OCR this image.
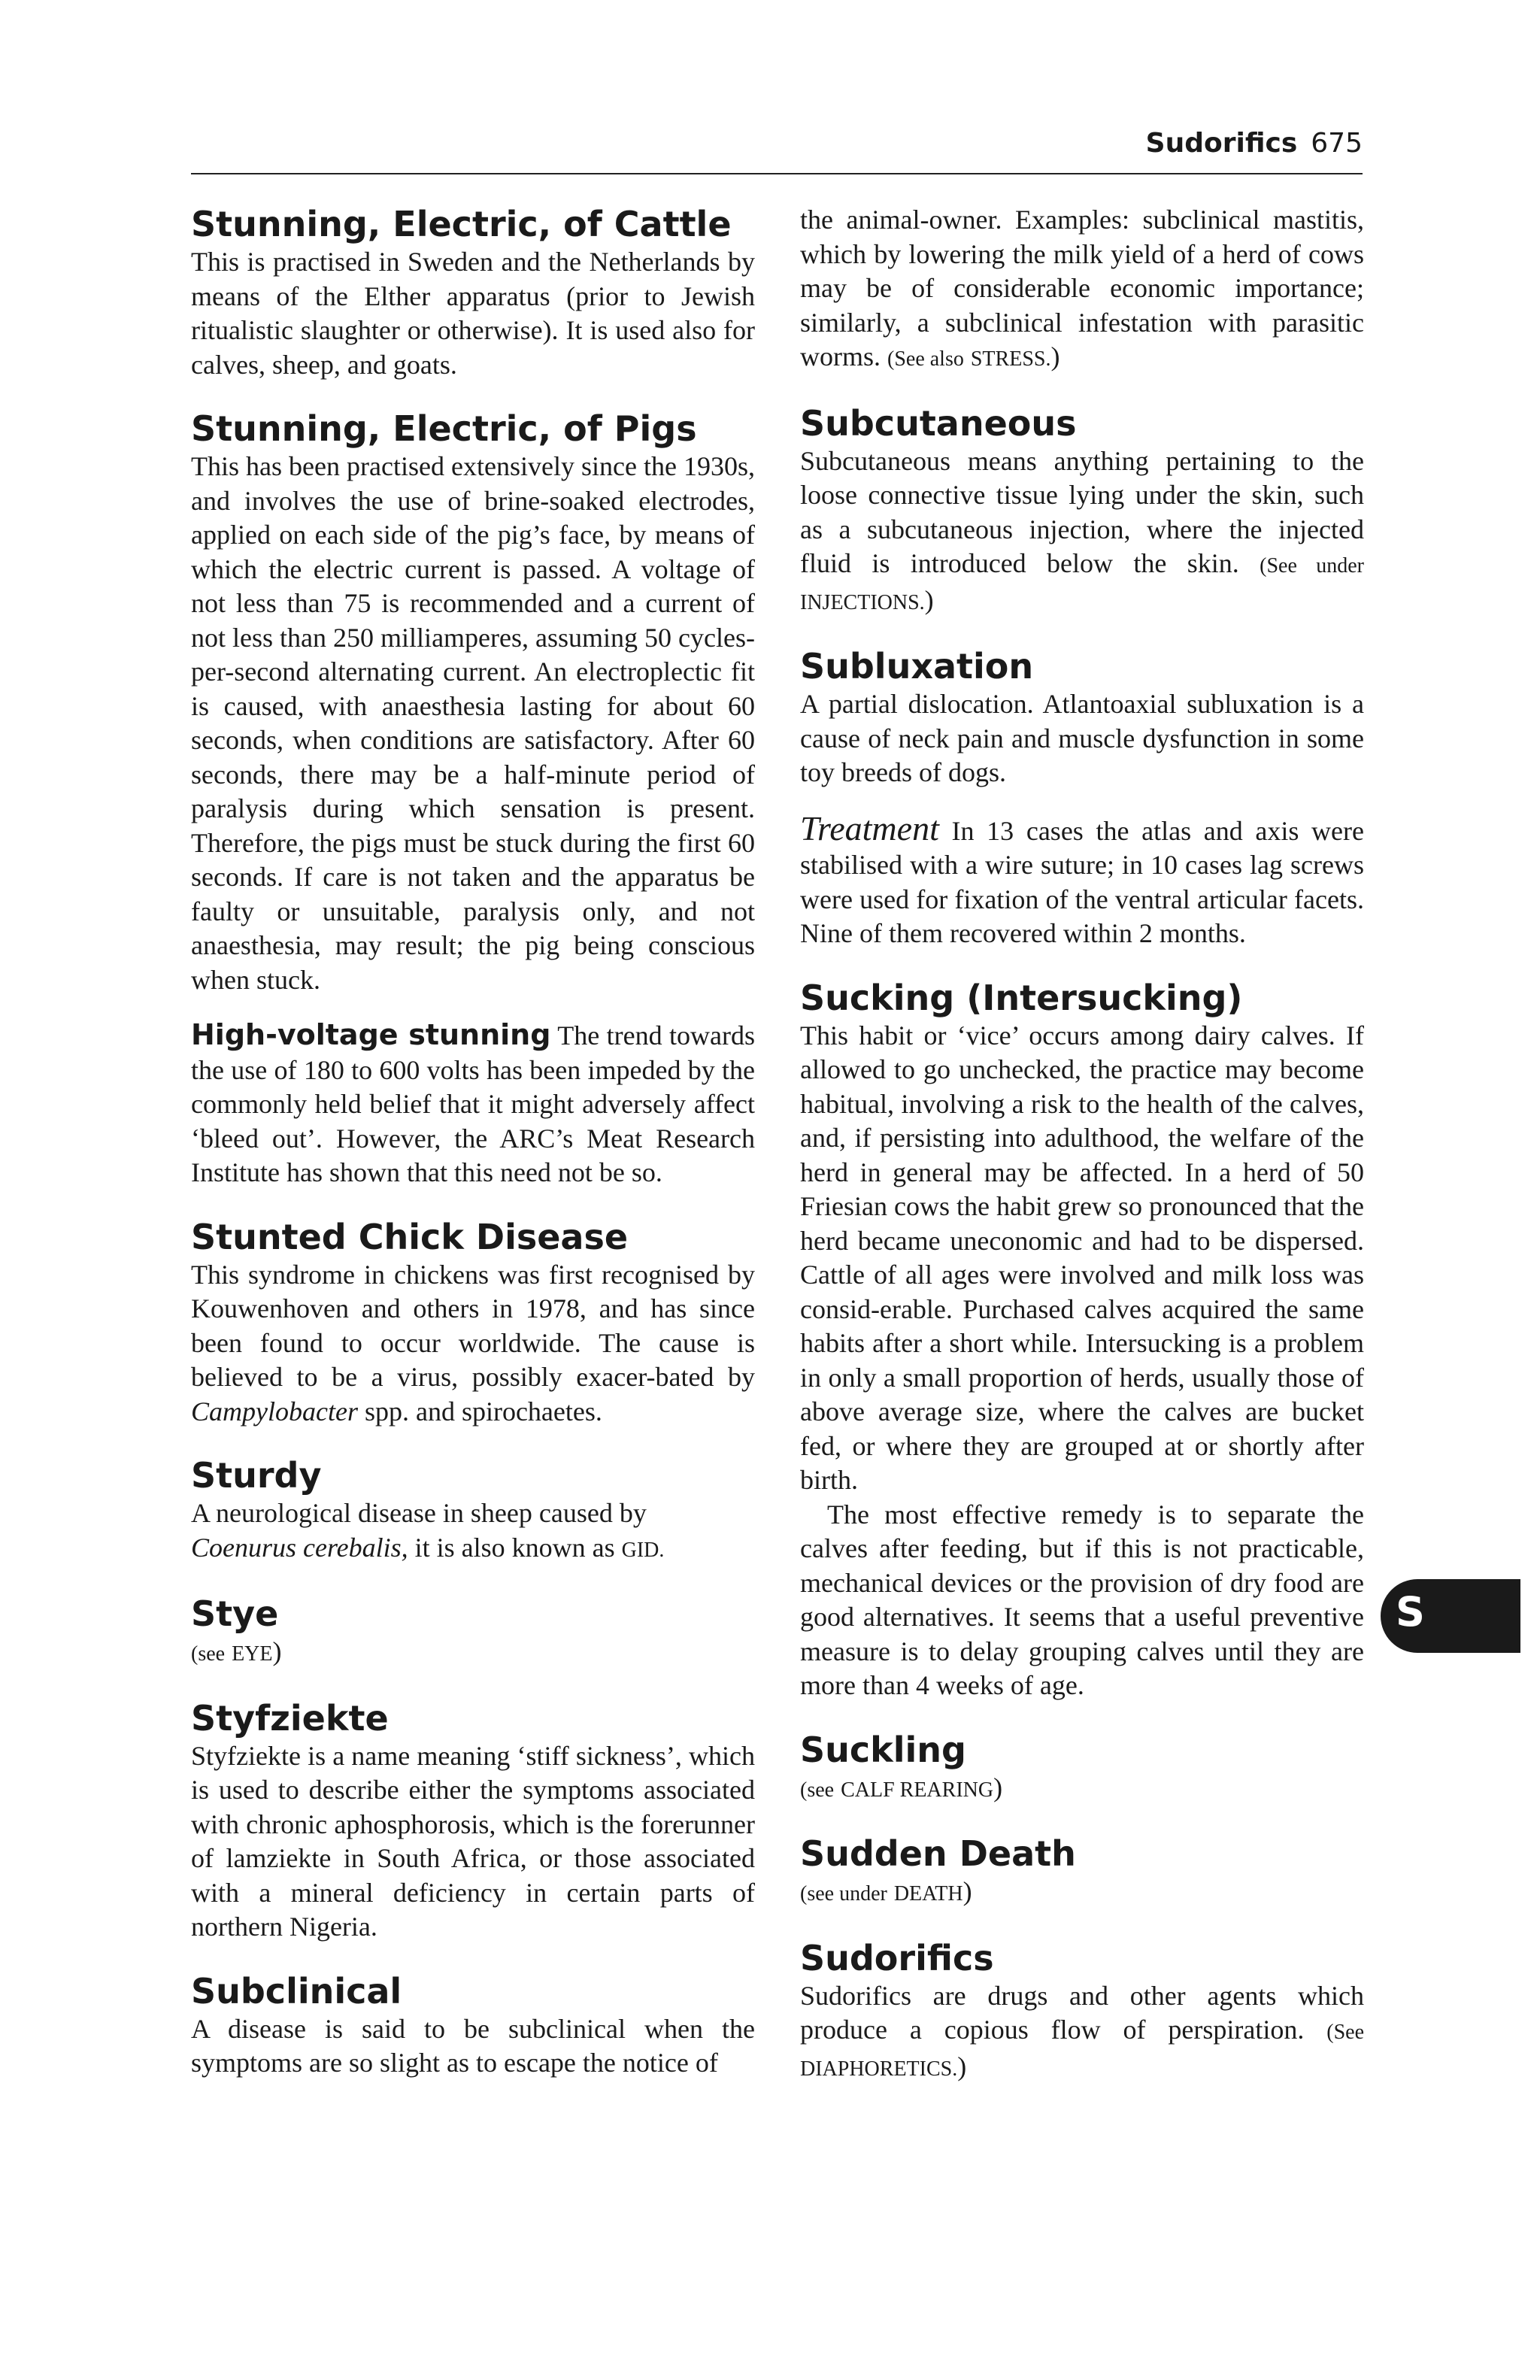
Sudorifics 675
Stunning, Electric, of Cattle

This is practised in Sweden and the Netherlands by means of the Elther apparatus (prior to Jewish ritualistic slaughter or otherwise). It is used also for calves, sheep, and goats.

Stunning, Electric, of Pigs

This has been practised extensively since the 1930s, and involves the use of brine-soaked electrodes, applied on each side of the pig’s face, by means of which the electric current is passed. A voltage of not less than 75 is recommended and a current of not less than 250 milliamperes, assuming 50 cycles-per-second alternating current. An electroplectic fit is caused, with anaesthesia lasting for about 60 seconds, when conditions are satisfactory. After 60 seconds, there may be a half-minute period of paralysis during which sensation is present. Therefore, the pigs must be stuck during the first 60 seconds. If care is not taken and the apparatus be faulty or unsuitable, paralysis only, and not anaesthesia, may result; the pig being conscious when stuck.

High-voltage stunning The trend towards the use of 180 to 600 volts has been impeded by the commonly held belief that it might adversely affect ‘bleed out’. However, the ARC’s Meat Research Institute has shown that this need not be so.

Stunted Chick Disease

This syndrome in chickens was first recognised by Kouwenhoven and others in 1978, and has since been found to occur worldwide. The cause is believed to be a virus, possibly exacer-bated by Campylobacter spp. and spirochaetes.

Sturdy

A neurological disease in sheep caused by Coenurus cerebalis, it is also known as GID.

Stye

(see EYE)

Styfziekte

Styfziekte is a name meaning ‘stiff sickness’, which is used to describe either the symptoms associated with chronic aphosphorosis, which is the forerunner of lamziekte in South Africa, or those associated with a mineral deficiency in certain parts of northern Nigeria.

Subclinical

A disease is said to be subclinical when the symptoms are so slight as to escape the notice of

the animal-owner. Examples: subclinical mastitis, which by lowering the milk yield of a herd of cows may be of considerable economic importance; similarly, a subclinical infestation with parasitic worms. (See also STRESS.)

Subcutaneous

Subcutaneous means anything pertaining to the loose connective tissue lying under the skin, such as a subcutaneous injection, where the injected fluid is introduced below the skin. (See under INJECTIONS.)

Subluxation

A partial dislocation. Atlantoaxial subluxation is a cause of neck pain and muscle dysfunction in some toy breeds of dogs.

Treatment In 13 cases the atlas and axis were stabilised with a wire suture; in 10 cases lag screws were used for fixation of the ventral articular facets. Nine of them recovered within 2 months.

Sucking (Intersucking)

This habit or ‘vice’ occurs among dairy calves. If allowed to go unchecked, the practice may become habitual, involving a risk to the health of the calves, and, if persisting into adulthood, the welfare of the herd in general may be affected. In a herd of 50 Friesian cows the habit grew so pronounced that the herd became uneconomic and had to be dispersed. Cattle of all ages were involved and milk loss was consid-erable. Purchased calves acquired the same habits after a short while. Intersucking is a problem in only a small proportion of herds, usually those of above average size, where the calves are bucket fed, or where they are grouped at or shortly after birth.

The most effective remedy is to separate the calves after feeding, but if this is not practicable, mechanical devices or the provision of dry food are good alternatives. It seems that a useful preventive measure is to delay grouping calves until they are more than 4 weeks of age.

Suckling

(see CALF REARING)

Sudden Death

(see under DEATH)

Sudorifics

Sudorifics are drugs and other agents which produce a copious flow of perspiration. (See DIAPHORETICS.)

S
